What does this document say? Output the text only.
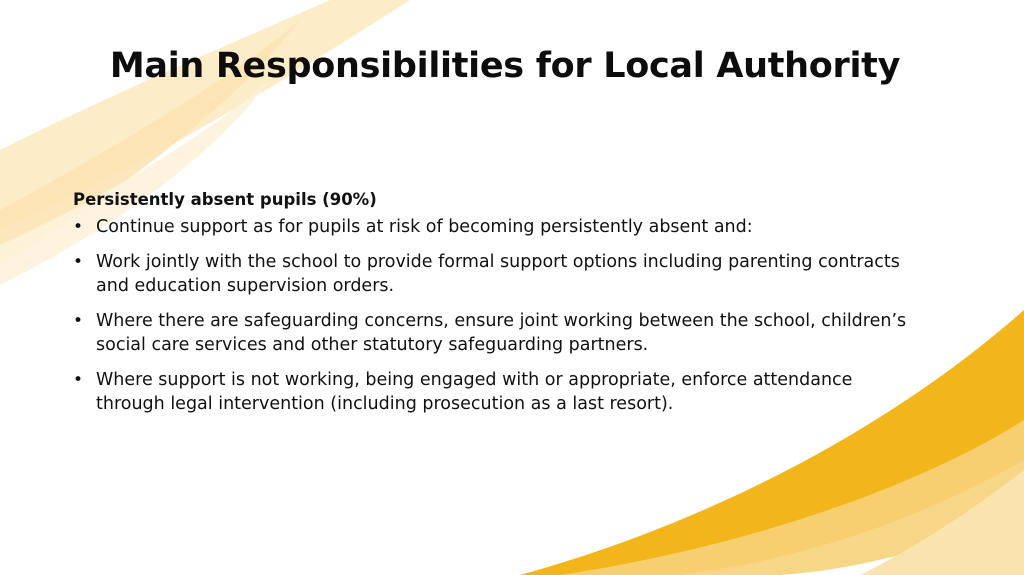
Main Responsibilities for Local Authority

Persistently absent pupils (90%)

• Continue support as for pupils at risk of becoming persistently absent and:
• Work jointly with the school to provide formal support options including parenting contracts and education supervision orders.
• Where there are safeguarding concerns, ensure joint working between the school, children’s social care services and other statutory safeguarding partners.
• Where support is not working, being engaged with or appropriate, enforce attendance through legal intervention (including prosecution as a last resort).
